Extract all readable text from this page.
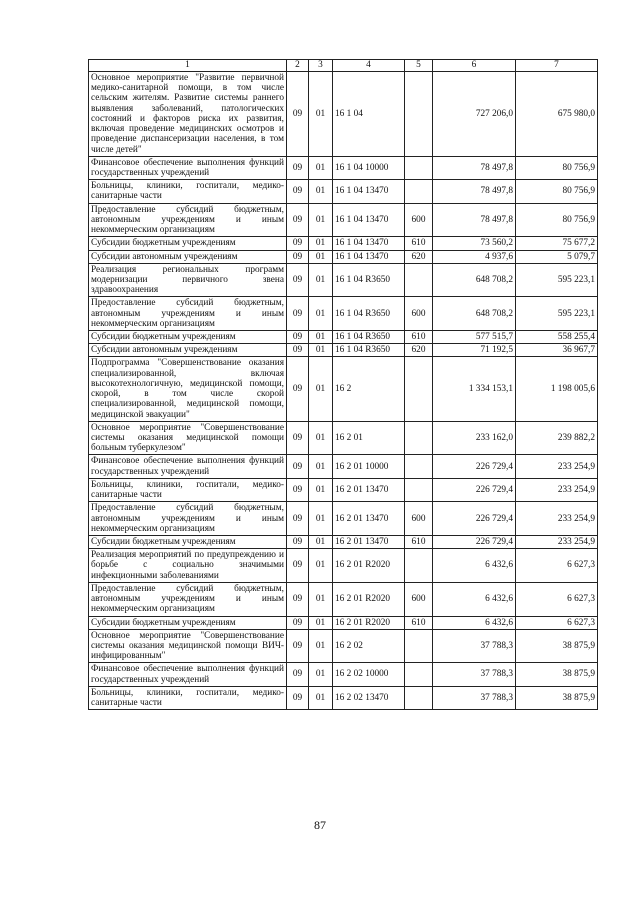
1	2	3	4	5	6	7
Основное мероприятие "Развитие первичной медико-санитарной помощи, в том числе сельским жителям. Развитие системы раннего выявления заболеваний, патологических состояний и факторов риска их развития, включая проведение медицинских осмотров и проведение диспансеризации населения, в том числе детей"	09	01	16 1 04		727 206,0	675 980,0
Финансовое обеспечение выполнения функций государственных учреждений	09	01	16 1 04 10000		78 497,8	80 756,9
Больницы, клиники, госпитали, медико-санитарные части	09	01	16 1 04 13470		78 497,8	80 756,9
Предоставление субсидий бюджетным, автономным учреждениям и иным некоммерческим организациям	09	01	16 1 04 13470	600	78 497,8	80 756,9
Субсидии бюджетным учреждениям	09	01	16 1 04 13470	610	73 560,2	75 677,2
Субсидии автономным учреждениям	09	01	16 1 04 13470	620	4 937,6	5 079,7
Реализация региональных программ модернизации первичного звена здравоохранения	09	01	16 1 04 R3650		648 708,2	595 223,1
Предоставление субсидий бюджетным, автономным учреждениям и иным некоммерческим организациям	09	01	16 1 04 R3650	600	648 708,2	595 223,1
Субсидии бюджетным учреждениям	09	01	16 1 04 R3650	610	577 515,7	558 255,4
Субсидии автономным учреждениям	09	01	16 1 04 R3650	620	71 192,5	36 967,7
Подпрограмма "Совершенствование оказания специализированной, включая высокотехнологичную, медицинской помощи, скорой, в том числе скорой специализированной, медицинской помощи, медицинской эвакуации"	09	01	16 2		1 334 153,1	1 198 005,6
Основное мероприятие "Совершенствование системы оказания медицинской помощи больным туберкулезом"	09	01	16 2 01		233 162,0	239 882,2
Финансовое обеспечение выполнения функций государственных учреждений	09	01	16 2 01 10000		226 729,4	233 254,9
Больницы, клиники, госпитали, медико-санитарные части	09	01	16 2 01 13470		226 729,4	233 254,9
Предоставление субсидий бюджетным, автономным учреждениям и иным некоммерческим организациям	09	01	16 2 01 13470	600	226 729,4	233 254,9
Субсидии бюджетным учреждениям	09	01	16 2 01 13470	610	226 729,4	233 254,9
Реализация мероприятий по предупреждению и борьбе с социально значимыми инфекционными заболеваниями	09	01	16 2 01 R2020		6 432,6	6 627,3
Предоставление субсидий бюджетным, автономным учреждениям и иным некоммерческим организациям	09	01	16 2 01 R2020	600	6 432,6	6 627,3
Субсидии бюджетным учреждениям	09	01	16 2 01 R2020	610	6 432,6	6 627,3
Основное мероприятие "Совершенствование системы оказания медицинской помощи ВИЧ-инфицированным"	09	01	16 2 02		37 788,3	38 875,9
Финансовое обеспечение выполнения функций государственных учреждений	09	01	16 2 02 10000		37 788,3	38 875,9
Больницы, клиники, госпитали, медико-санитарные части	09	01	16 2 02 13470		37 788,3	38 875,9
87
